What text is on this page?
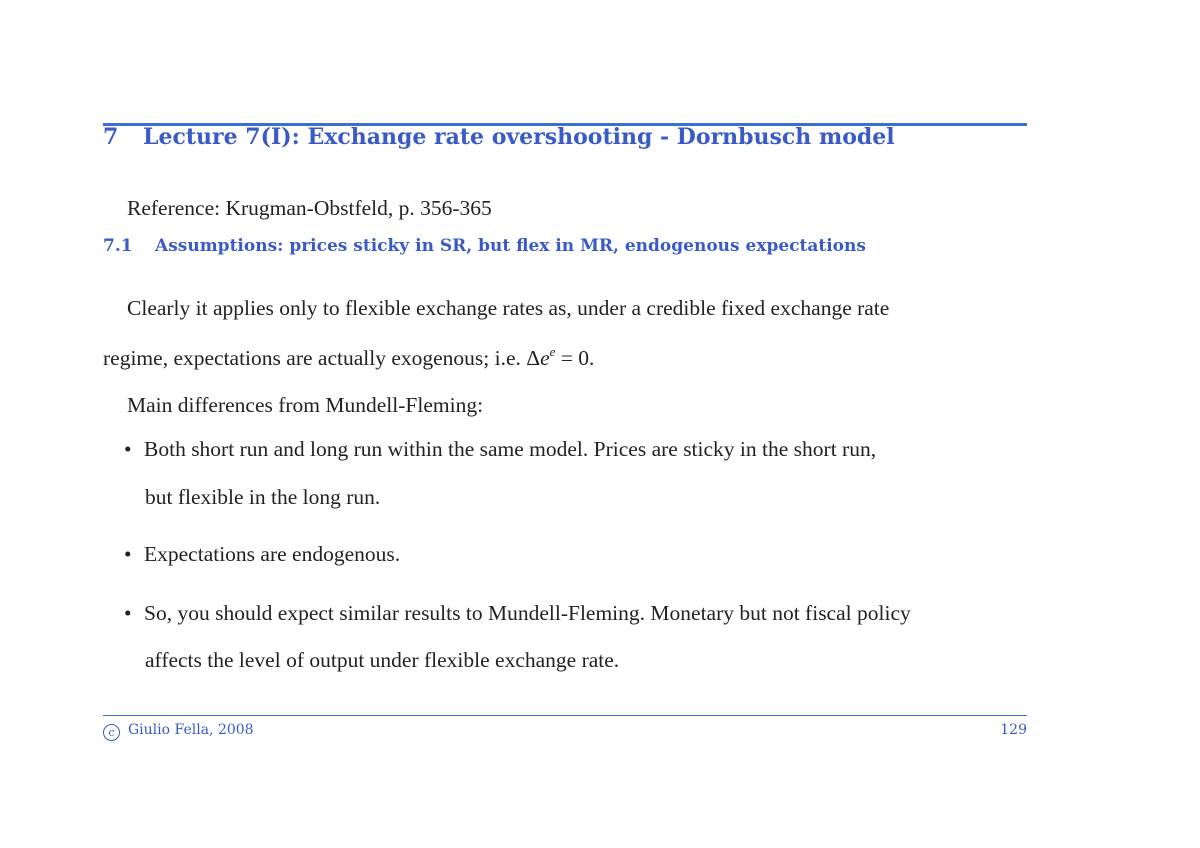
7 Lecture 7(I): Exchange rate overshooting - Dornbusch model
Reference: Krugman-Obstfeld, p. 356-365
7.1 Assumptions: prices sticky in SR, but flex in MR, endogenous expectations
Clearly it applies only to flexible exchange rates as, under a credible fixed exchange rate
regime, expectations are actually exogenous; i.e. $\Delta e^e = 0$.
Main differences from Mundell-Fleming:
• Both short run and long run within the same model. Prices are sticky in the short run,
but flexible in the long run.
• Expectations are endogenous.
• So, you should expect similar results to Mundell-Fleming. Monetary but not fiscal policy
affects the level of output under flexible exchange rate.
c Giulio Fella, 2008	129
